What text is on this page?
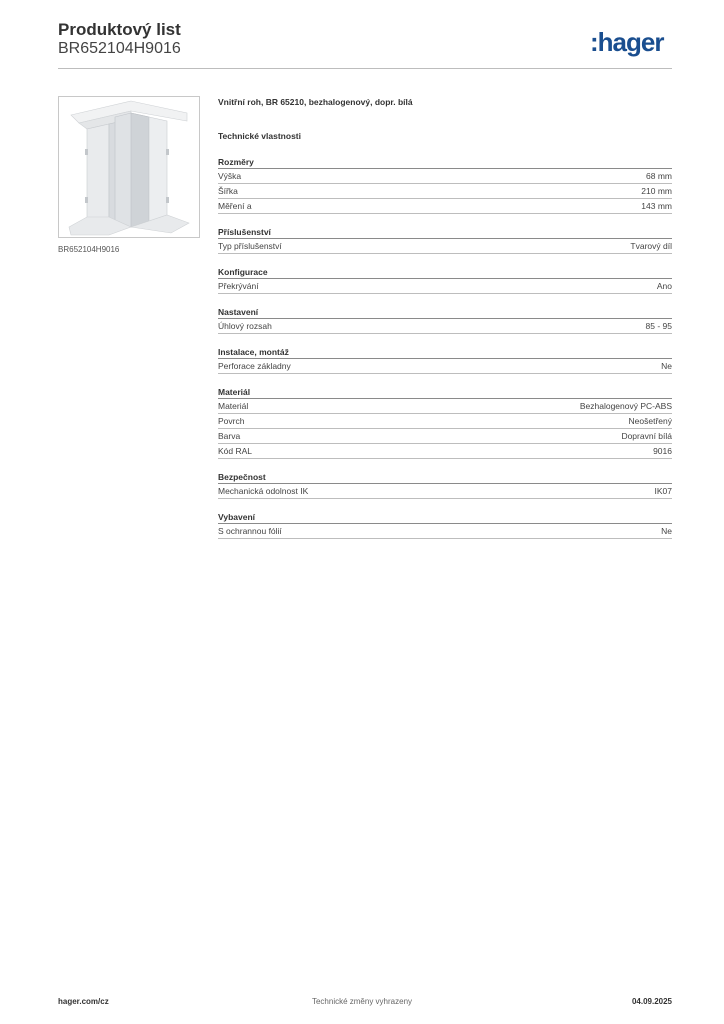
Produktový list
BR652104H9016	:hager
BR652104H9016
Vnitřní roh, BR 65210, bezhalogenový, dopr. bílá
Technické vlastnosti
Rozměry
Výška	68 mm
Šířka	210 mm
Měření a	143 mm
Příslušenství
Typ příslušenství	Tvarový díl
Konfigurace
Překrývání	Ano
Nastavení
Úhlový rozsah	85 - 95
Instalace, montáž
Perforace základny	Ne
Materiál
Materiál	Bezhalogenový PC-ABS
Povrch	Neošetřený
Barva	Dopravní bílá
Kód RAL	9016
Bezpečnost
Mechanická odolnost IK	IK07
Vybavení
S ochrannou fólií	Ne
hager.com/cz	Technické změny vyhrazeny	04.09.2025
